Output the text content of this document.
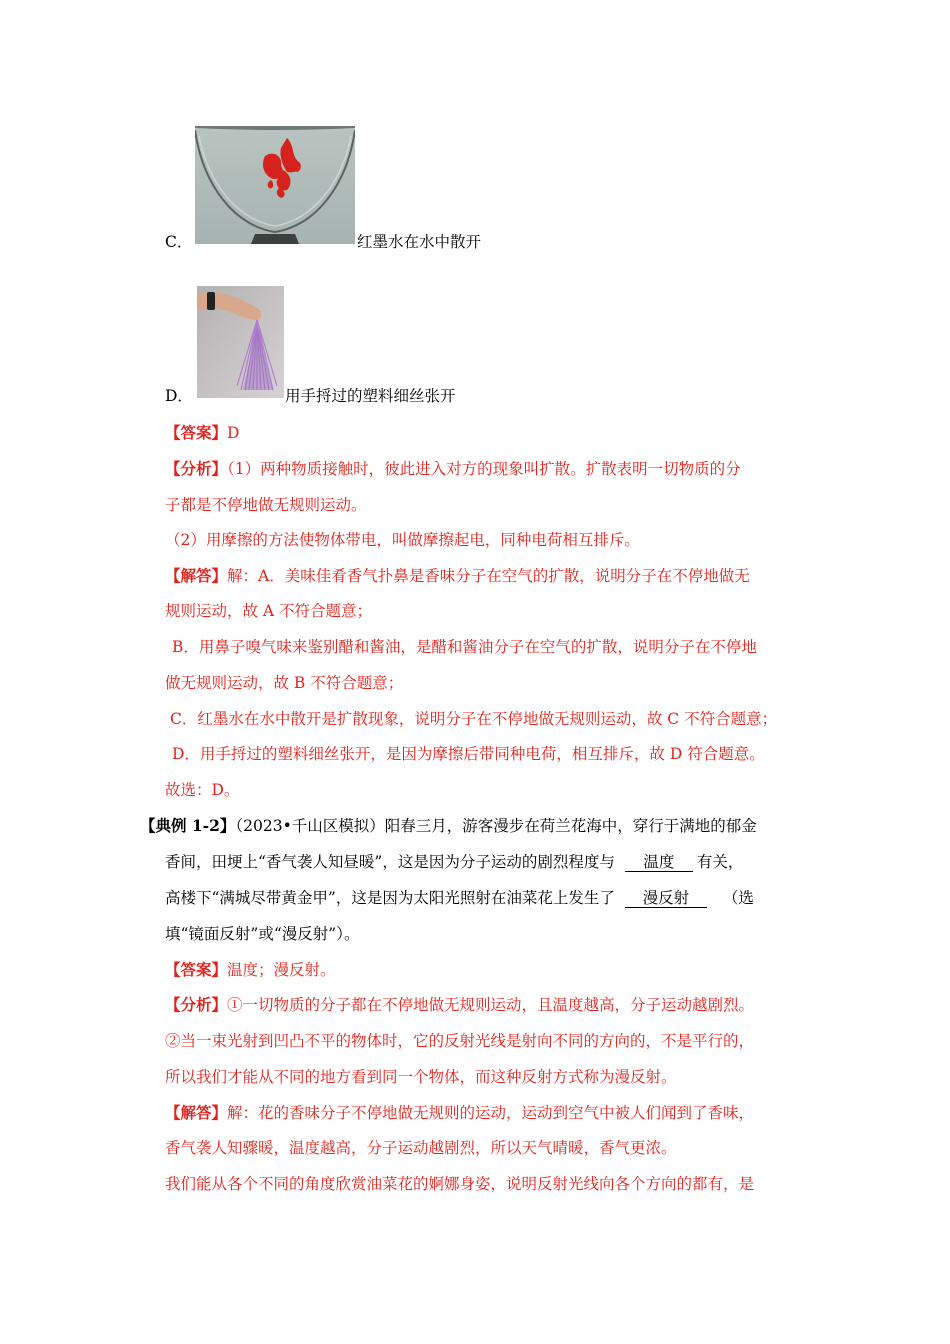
C．	红墨水在水中散开
D．	用手捋过的塑料细丝张开
【答案】D
【分析】（1）两种物质接触时，彼此进入对方的现象叫扩散。扩散表明一切物质的分
子都是不停地做无规则运动。
（2）用摩擦的方法使物体带电，叫做摩擦起电，同种电荷相互排斥。
【解答】解：A．美味佳肴香气扑鼻是香味分子在空气的扩散，说明分子在不停地做无
规则运动，故 A 不符合题意；
B．用鼻子嗅气味来鉴别醋和酱油，是醋和酱油分子在空气的扩散，说明分子在不停地
做无规则运动，故 B 不符合题意；
C．红墨水在水中散开是扩散现象，说明分子在不停地做无规则运动，故 C 不符合题意；
D．用手捋过的塑料细丝张开，是因为摩擦后带同种电荷，相互排斥，故 D 符合题意。
故选：D。
【典例 1-2】（2023•千山区模拟）阳春三月，游客漫步在荷兰花海中，穿行于满地的郁金
香间，田埂上“香气袭人知昼暖”，这是因为分子运动的剧烈程度与 温度 有关，
高楼下“满城尽带黄金甲”，这是因为太阳光照射在油菜花上发生了 漫反射 （选
填“镜面反射”或“漫反射”）。
【答案】温度；漫反射。
【分析】①一切物质的分子都在不停地做无规则运动，且温度越高，分子运动越剧烈。
②当一束光射到凹凸不平的物体时，它的反射光线是射向不同的方向的，不是平行的，
所以我们才能从不同的地方看到同一个物体，而这种反射方式称为漫反射。
【解答】解：花的香味分子不停地做无规则的运动，运动到空气中被人们闻到了香味，
香气袭人知骤暖，温度越高，分子运动越剧烈，所以天气晴暖，香气更浓。
我们能从各个不同的角度欣赏油菜花的婀娜身姿，说明反射光线向各个方向的都有，是
